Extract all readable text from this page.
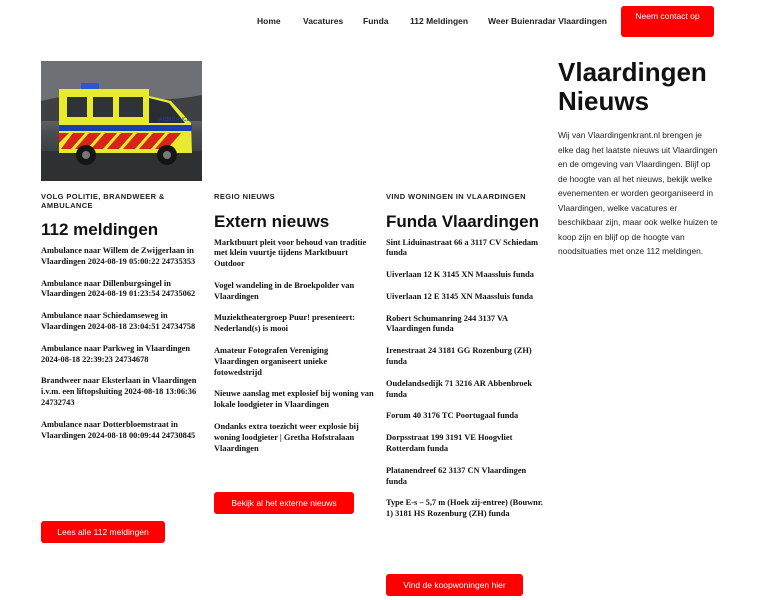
Home	Vacatures Funda	112 Meldingen Weer Buienradar Vlaardingen	Neem contact op
AMBULANCE
VOLG POLITIE, BRANDWEER & AMBULANCE
112 meldingen
Ambulance naar Willem de Zwijgerlaan in Vlaardingen 2024-08-19 05:00:22 24735353
Ambulance naar Dillenburgsingel in Vlaardingen 2024-08-19 01:23:54 24735062
Ambulance naar Schiedamseweg in Vlaardingen 2024-08-18 23:04:51 24734758
Ambulance naar Parkweg in Vlaardingen 2024-08-18 22:39:23 24734678
Brandweer naar Eksterlaan in Vlaardingen i.v.m. een liftopsluiting 2024-08-18 13:06:36 24732743
Ambulance naar Dotterbloemstraat in Vlaardingen 2024-08-18 00:09:44 24730845
Lees alle 112 meldingen
REGIO NIEUWS
Extern nieuws
Marktbuurt pleit voor behoud van traditie met klein vuurtje tijdens Marktbuurt Outdoor
Vogel wandeling in de Broekpolder van Vlaardingen
Muziektheatergroep Puur! presenteert: Nederland(s) is mooi
Amateur Fotografen Vereniging Vlaardingen organiseert unieke fotowedstrijd
Nieuwe aanslag met explosief bij woning van lokale loodgieter in Vlaardingen
Ondanks extra toezicht weer explosie bij woning loodgieter | Gretha Hofstralaan Vlaardingen
Bekijk al het externe nieuws
VIND WONINGEN IN VLAARDINGEN
Funda Vlaardingen
Sint Liduinastraat 66 a 3117 CV Schiedam funda
Uiverlaan 12 K 3145 XN Maassluis funda
Uiverlaan 12 E 3145 XN Maassluis funda
Robert Schumanring 244 3137 VA Vlaardingen funda
Irenestraat 24 3181 GG Rozenburg (ZH) funda
Oudelandsedijk 71 3216 AR Abbenbroek funda
Forum 40 3176 TC Poortugaal funda
Dorpsstraat 199 3191 VE Hoogvliet Rotterdam funda
Platanendreef 62 3137 CN Vlaardingen funda
Type E-s – 5,7 m (Hoek zij-entree) (Bouwnr. 1) 3181 HS Rozenburg (ZH) funda
Vind de koopwoningen hier
Vlaardingen Nieuws
Wij van Vlaardingenkrant.nl brengen je elke dag het laatste nieuws uit Vlaardingen en de omgeving van Vlaardingen. Blijf op de hoogte van al het nieuws, bekijk welke evenementen er worden georganiseerd in Vlaardingen, welke vacatures er beschikbaar zijn, maar ook welke huizen te koop zijn en blijf op de hoogte van noodsituaties met onze 112 meldingen.
